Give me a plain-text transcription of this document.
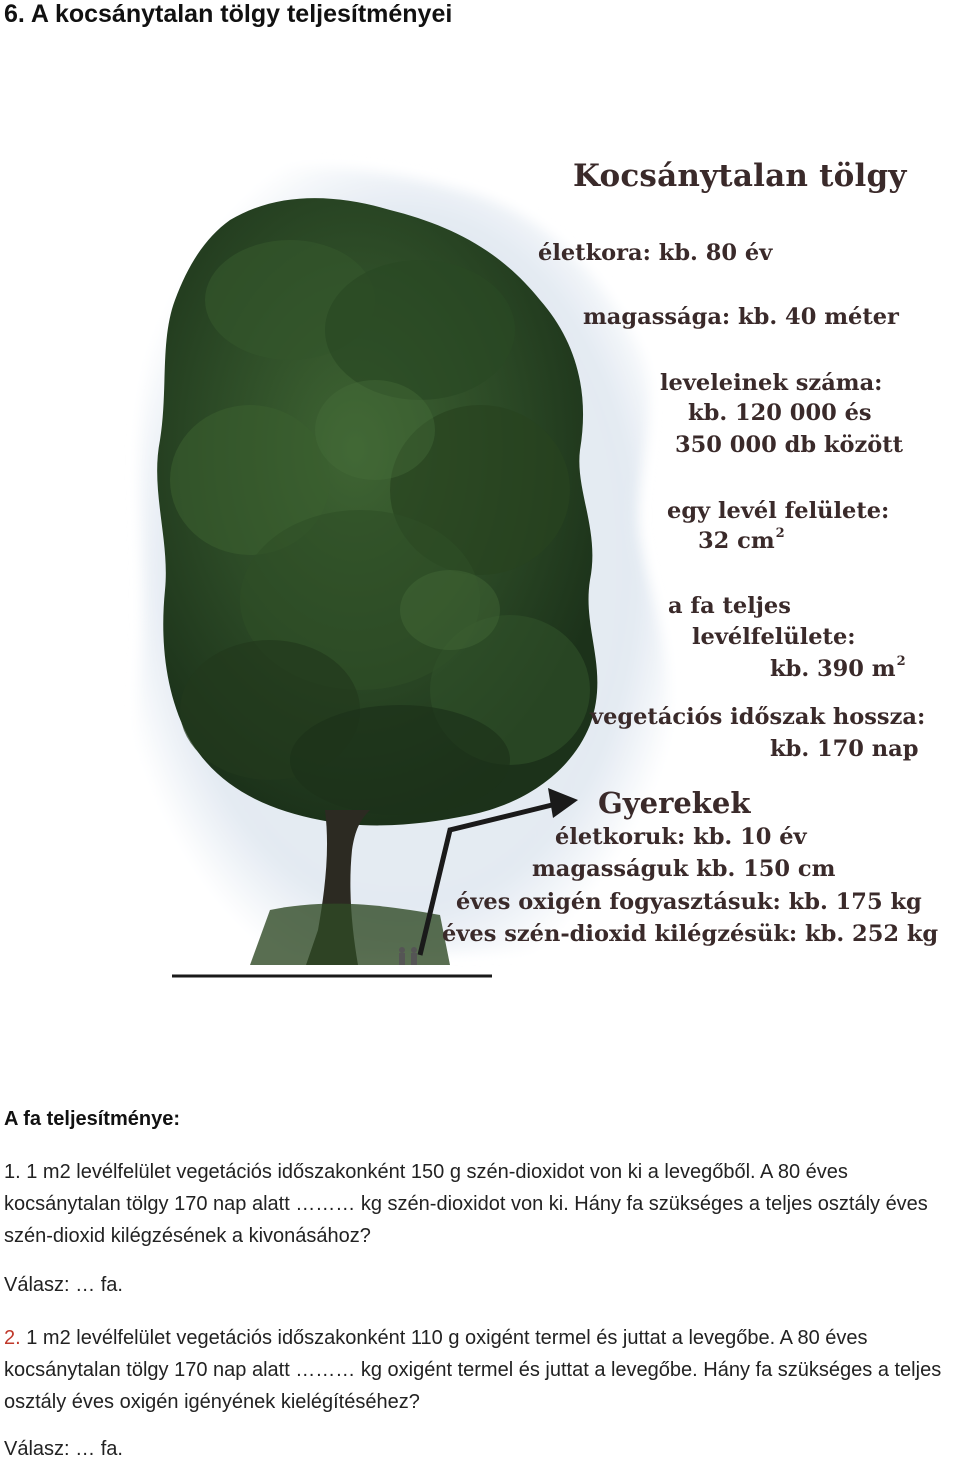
6. A kocsánytalan tölgy teljesítményei

Kocsánytalan tölgy

életkora: kb. 80 év

magassága: kb. 40 méter

leveleinek száma:

kb. 120 000 és

350 000 db között

egy levél felülete:

32 $cm^2$

a fa teljes

levélfelülete:

kb. 390 $m^2$

vegetációs időszak hossza:

kb. 170 nap

Gyerekek

életkoruk: kb. 10 év

magasságuk kb. 150 cm

éves oxigén fogyasztásuk: kb. 175 kg

éves szén-dioxid kilégzésük: kb. 252 kg

A fa teljesítménye:

1. 1 m2 levélfelület vegetációs időszakonként 150 g szén-dioxidot von ki a levegőből. A 80 éves kocsánytalan tölgy 170 nap alatt ……… kg szén-dioxidot von ki. Hány fa szükséges a teljes osztály éves szén-dioxid kilégzésének a kivonásához?

Válasz: … fa.

2. 1 m2 levélfelület vegetációs időszakonként 110 g oxigént termel és juttat a levegőbe. A 80 éves kocsánytalan tölgy 170 nap alatt ……… kg oxigént termel és juttat a levegőbe. Hány fa szükséges a teljes osztály éves oxigén igényének kielégítéséhez?

Válasz: … fa.
